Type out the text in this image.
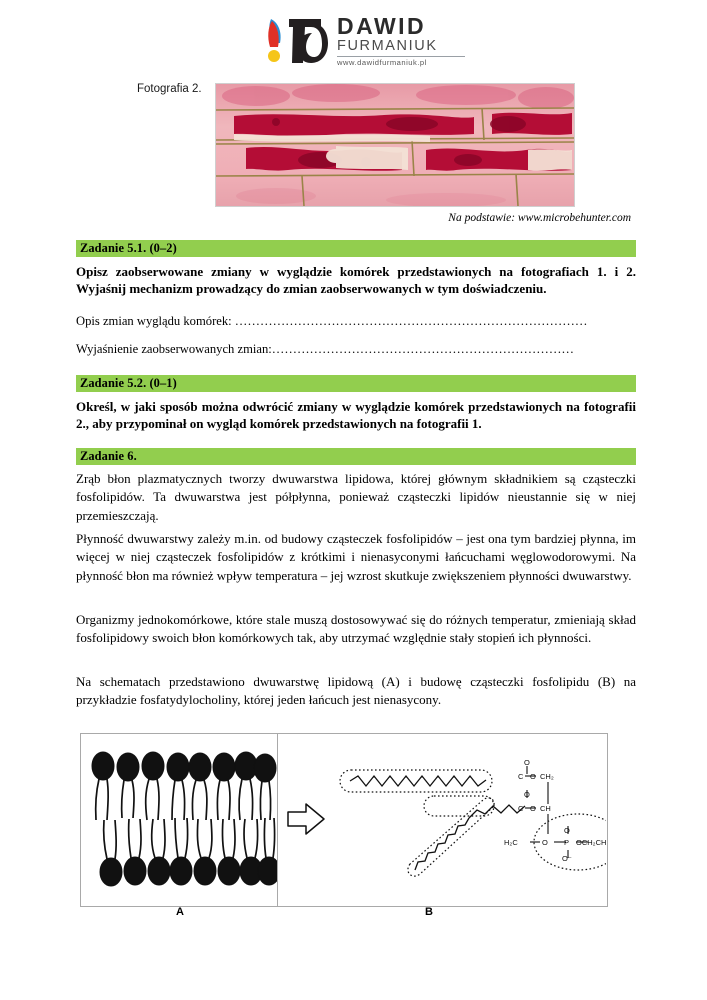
DAWID
FURMANIUK
www.dawidfurmaniuk.pl
Fotografia 2.
Na podstawie: www.microbehunter.com
Zadanie 5.1. (0–2)
Opisz zaobserwowane zmiany w wyglądzie komórek przedstawionych na fotografiach 1. i 2. Wyjaśnij mechanizm prowadzący do zmian zaobserwowanych w tym doświadczeniu.
Opis zmian wyglądu komórek: …………………………………………………………………………
Wyjaśnienie zaobserwowanych zmian:………………………………………………………………
Zadanie 5.2. (0–1)
Określ, w jaki sposób można odwrócić zmiany w wyglądzie komórek przedstawionych na fotografii 2., aby przypominał on wygląd komórek przedstawionych na fotografii 1.
Zadanie 6.
Zrąb błon plazmatycznych tworzy dwuwarstwa lipidowa, której głównym składnikiem są cząsteczki fosfolipidów. Ta dwuwarstwa jest półpłynna, ponieważ cząsteczki lipidów nieustannie się w niej przemieszczają.
Płynność dwuwarstwy zależy m.in. od budowy cząsteczek fosfolipidów – jest ona tym bardziej płynna, im więcej w niej cząsteczek fosfolipidów z krótkimi i nienasyconymi łańcuchami węglowodorowymi. Na płynność błon ma również wpływ temperatura – jej wzrost skutkuje zwiększeniem płynności dwuwarstwy.
Organizmy jednokomórkowe, które stale muszą dostosowywać się do różnych temperatur, zmieniają skład fosfolipidowy swoich błon komórkowych tak, aby utrzymać względnie stały stopień ich płynności.
Na schematach przedstawiono dwuwarstwę lipidową (A) i budowę cząsteczki fosfolipidu (B) na przykładzie fosfatydylocholiny, której jeden łańcuch jest nienasycony.
O
C O CH₂
O
C O CH
H₂C	O
O
P
O⁻
OCH₂CH₂
A	B
